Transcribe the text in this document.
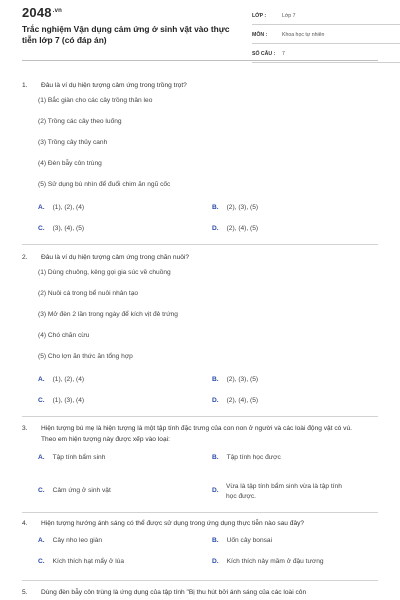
$2048^{.vn}$
Trắc nghiệm Vận dụng cảm ứng ở sinh vật vào thực tiễn lớp 7 (có đáp án)
LỚP :	Lớp 7
MÔN :	Khoa học tự nhiên
SỐ CÂU : 7
1. Đâu là ví dụ hiện tượng cảm ứng trong trồng trọt?
(1) Bắc giàn cho các cây trồng thân leo
(2) Trồng các cây theo luống
(3) Trồng cây thủy canh
(4) Đèn bẫy côn trùng
(5) Sử dụng bù nhìn để đuổi chim ăn ngũ cốc
A. (1), (2), (4)	B. (2), (3), (5)
C. (3), (4), (5)	D. (2), (4), (5)
2. Đâu là ví dụ hiện tượng cảm ứng trong chăn nuôi?
(1) Dùng chuông, kẻng gọi gia súc về chuồng
(2) Nuôi cá trong bể nuôi nhân tạo
(3) Mở đèn 2 lần trong ngày để kích vịt đẻ trứng
(4) Chó chăn cừu
(5) Cho lợn ăn thức ăn tổng hợp
A. (1), (2), (4)	B. (2), (3), (5)
C. (1), (3), (4)	D. (2), (4), (5)
3. Hiện tượng bú mẹ là hiện tượng là một tập tính đặc trưng của con non ở người và các loài động vật có vú.
Theo em hiện tượng này được xếp vào loại:
A. Tập tính bẩm sinh	B. Tập tính học được
C. Cảm ứng ở sinh vật	D.
Vừa là tập tính bẩm sinh vừa là tập tính
học được.
4. Hiện tượng hướng ánh sáng có thể được sử dụng trong ứng dụng thực tiễn nào sau đây?
A. Cây nho leo giàn	B. Uốn cây bonsai
C. Kích thích hạt mẩy ở lúa	D. Kích thích nảy mầm ở đậu tương
5. Dùng đèn bẫy côn trùng là ứng dụng của tập tính "Bị thu hút bởi ánh sáng của các loài côn
